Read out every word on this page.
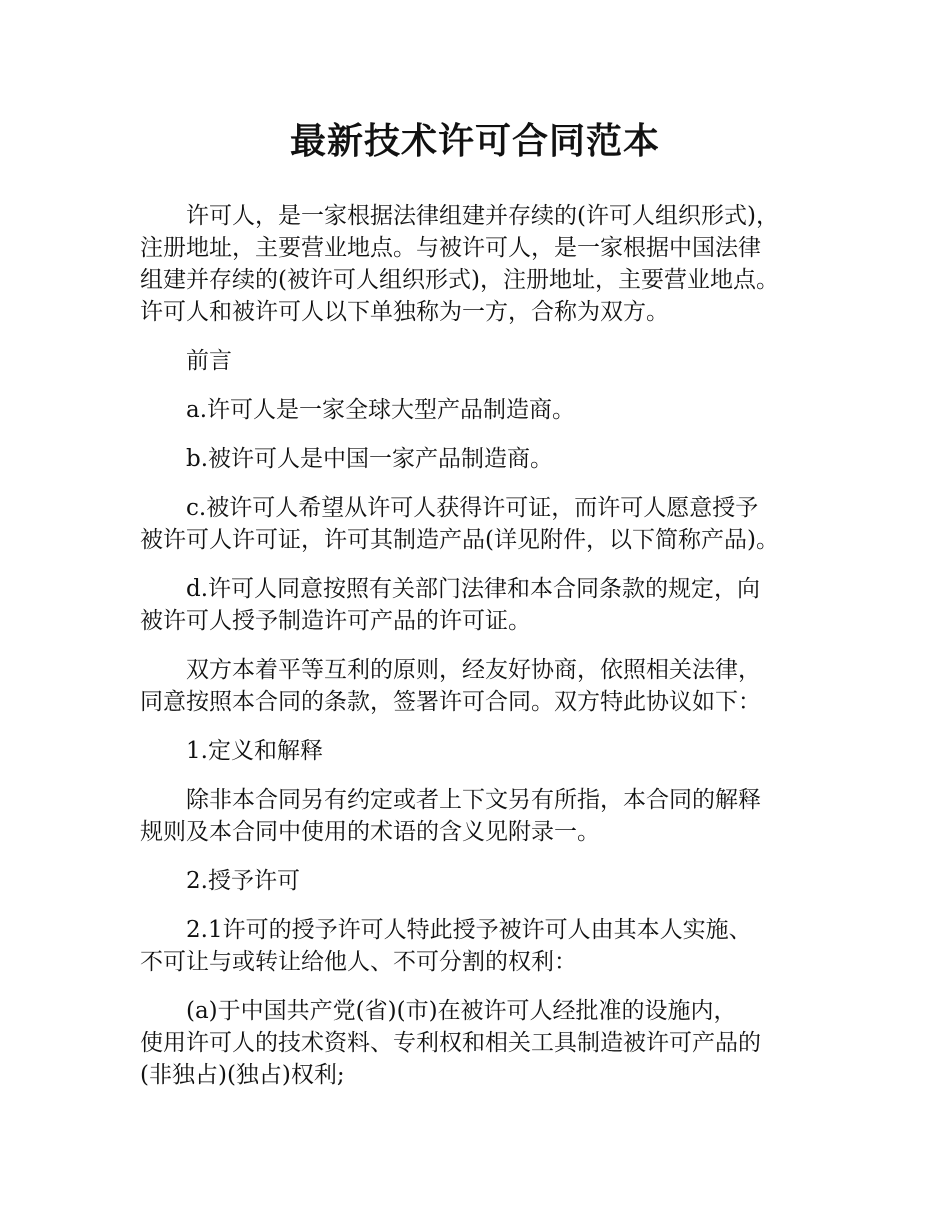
最新技术许可合同范本

许可人，是一家根据法律组建并存续的(许可人组织形式)，
注册地址，主要营业地点。与被许可人，是一家根据中国法律
组建并存续的(被许可人组织形式)，注册地址，主要营业地点。
许可人和被许可人以下单独称为一方，合称为双方。

前言

a.许可人是一家全球大型产品制造商。

b.被许可人是中国一家产品制造商。

c.被许可人希望从许可人获得许可证，而许可人愿意授予
被许可人许可证，许可其制造产品(详见附件，以下简称产品)。

d.许可人同意按照有关部门法律和本合同条款的规定，向
被许可人授予制造许可产品的许可证。

双方本着平等互利的原则，经友好协商，依照相关法律，
同意按照本合同的条款，签署许可合同。双方特此协议如下：

1.定义和解释

除非本合同另有约定或者上下文另有所指，本合同的解释
规则及本合同中使用的术语的含义见附录一。

2.授予许可

2.1许可的授予许可人特此授予被许可人由其本人实施、
不可让与或转让给他人、不可分割的权利：

(a)于中国共产党(省)(市)在被许可人经批准的设施内，
使用许可人的技术资料、专利权和相关工具制造被许可产品的
(非独占)(独占)权利;
